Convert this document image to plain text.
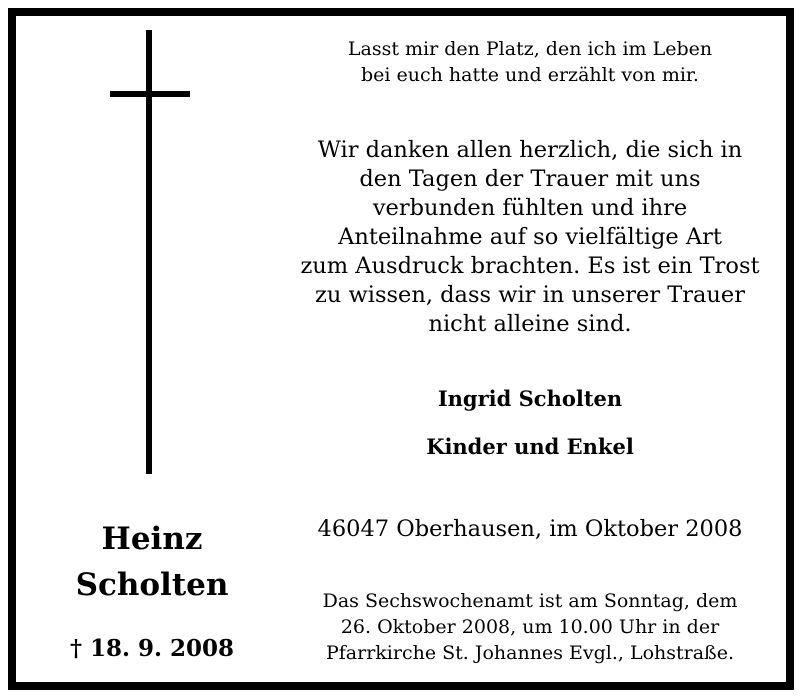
Heinz
Scholten
† 18. 9. 2008
Lasst mir den Platz, den ich im Leben
bei euch hatte und erzählt von mir.
Wir danken allen herzlich, die sich in
den Tagen der Trauer mit uns
verbunden fühlten und ihre
Anteilnahme auf so vielfältige Art
zum Ausdruck brachten. Es ist ein Trost
zu wissen, dass wir in unserer Trauer
nicht alleine sind.
Ingrid Scholten
Kinder und Enkel
46047 Oberhausen, im Oktober 2008
Das Sechswochenamt ist am Sonntag, dem
26. Oktober 2008, um 10.00 Uhr in der
Pfarrkirche St. Johannes Evgl., Lohstraße.
